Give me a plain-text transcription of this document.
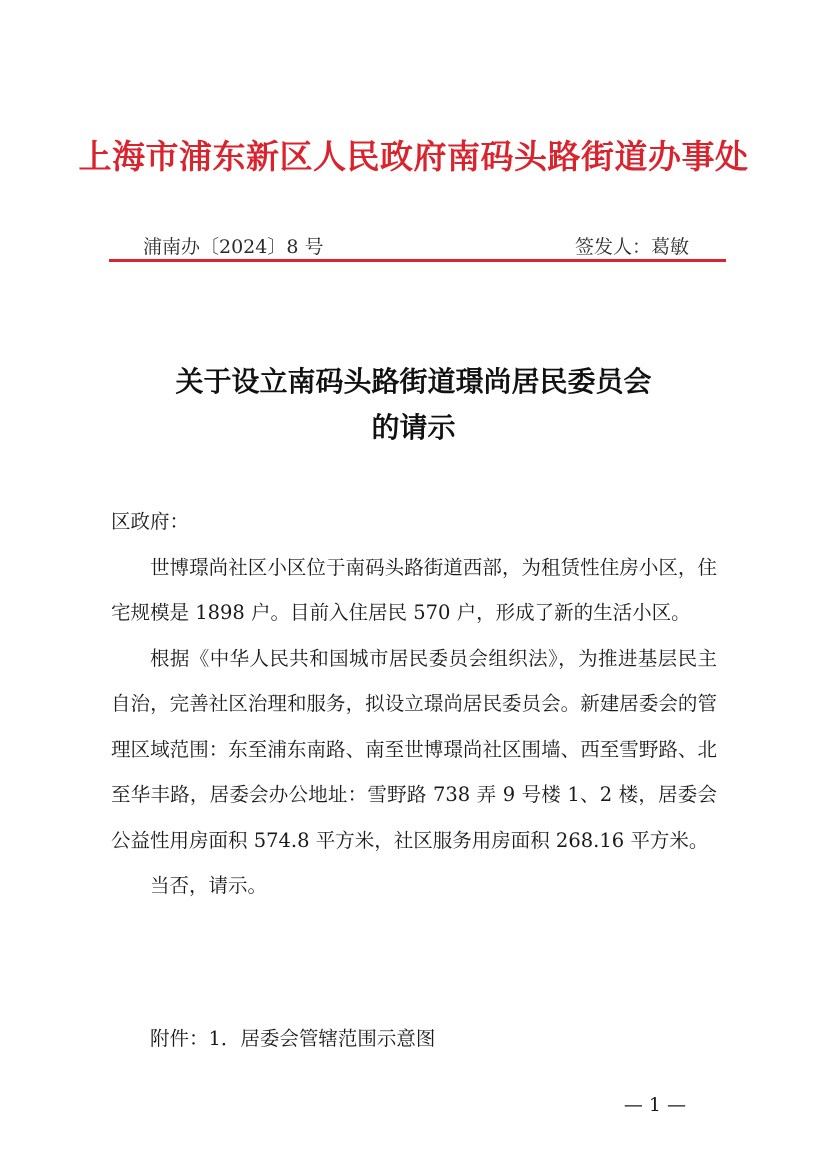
上海市浦东新区人民政府南码头路街道办事处
浦南办〔2024〕8 号	签发人：葛敏
关于设立南码头路街道璟尚居民委员会
的请示

区政府：

世博璟尚社区小区位于南码头路街道西部，为租赁性住房小区，住宅规模是 1898 户。目前入住居民 570 户，形成了新的生活小区。

根据《中华人民共和国城市居民委员会组织法》，为推进基层民主自治，完善社区治理和服务，拟设立璟尚居民委员会。新建居委会的管理区域范围：东至浦东南路、南至世博璟尚社区围墙、西至雪野路、北至华丰路，居委会办公地址：雪野路 738 弄 9 号楼 1、2 楼，居委会公益性用房面积 574.8 平方米，社区服务用房面积 268.16 平方米。

当否，请示。

附件：1．居委会管辖范围示意图
— 1 —
